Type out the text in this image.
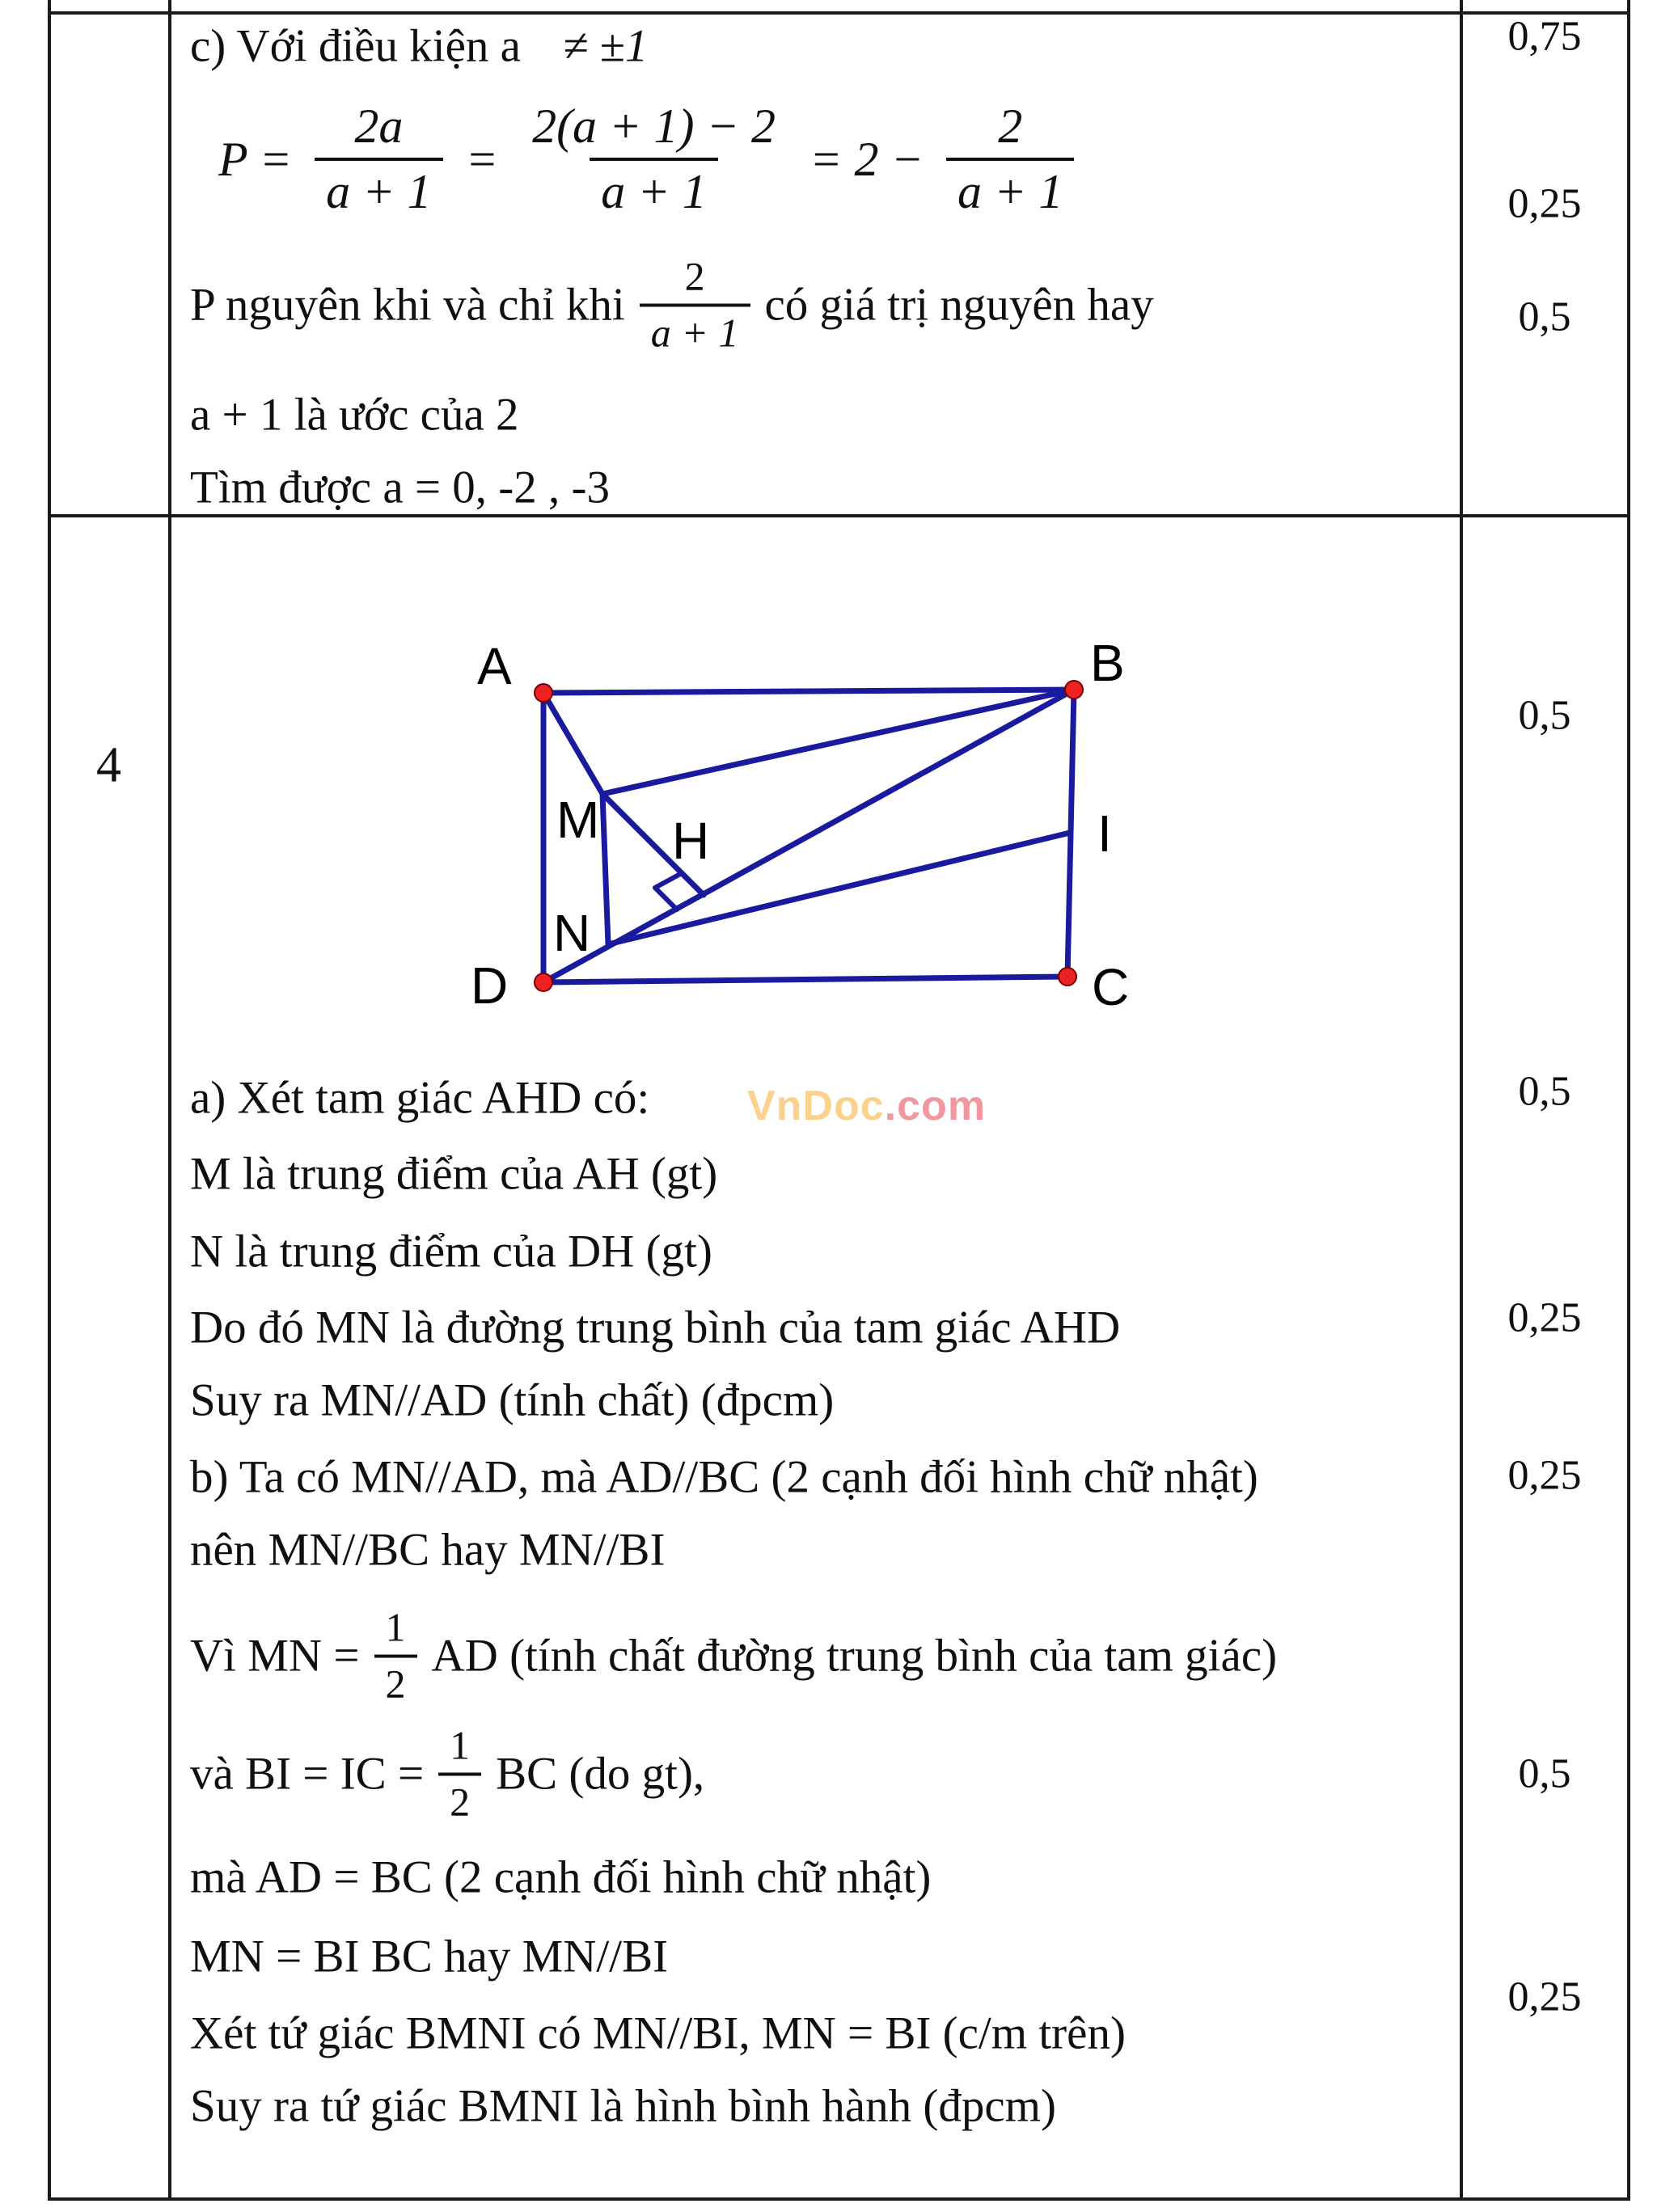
c) Với điều kiện a ≠ ±1
$P = \frac{2a}{a + 1} = \frac{2(a + 1) - 2}{a + 1} = 2 - \frac{2}{a + 1}$
P nguyên khi và chỉ khi $\frac{2}{a + 1}$ có giá trị nguyên hay
a + 1 là ước của 2
Tìm được a = 0, -2 , -3
0,75
0,25
0,5
4
A	B
C
D
M
N
H	I
VnDoc.com
a) Xét tam giác AHD có:
M là trung điểm của AH (gt)
N là trung điểm của DH (gt)
Do đó MN là đường trung bình của tam giác AHD
Suy ra MN//AD (tính chất) (đpcm)
b) Ta có MN//AD, mà AD//BC (2 cạnh đối hình chữ nhật)
nên MN//BC hay MN//BI
Vì MN = $\frac{1}{2}$ AD (tính chất đường trung bình của tam giác)
và BI = IC = $\frac{1}{2}$ BC (do gt),
mà AD = BC (2 cạnh đối hình chữ nhật)
MN = BI BC hay MN//BI
Xét tứ giác BMNI có MN//BI, MN = BI (c/m trên)
Suy ra tứ giác BMNI là hình bình hành (đpcm)
0,5
0,5
0,25
0,25
0,5
0,25
